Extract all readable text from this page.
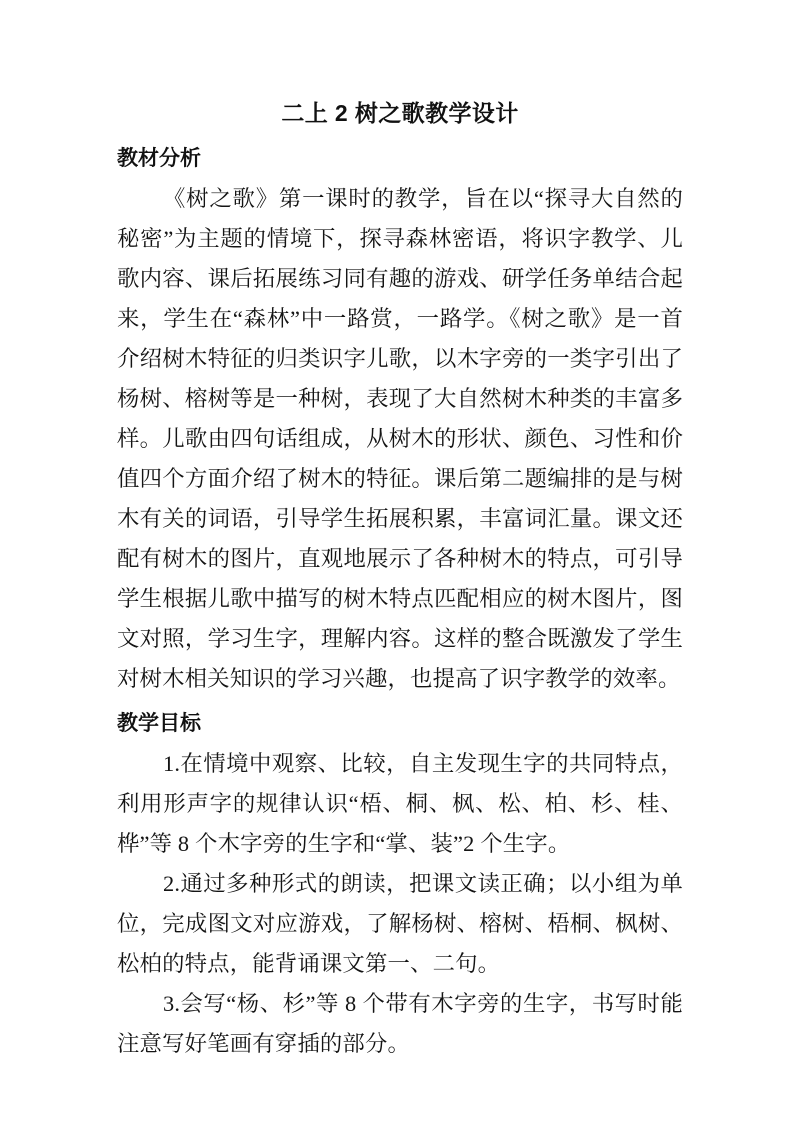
二上 2 树之歌教学设计
教材分析

《树之歌》第一课时的教学，旨在以“探寻大自然的秘密”为主题的情境下，探寻森林密语，将识字教学、儿歌内容、课后拓展练习同有趣的游戏、研学任务单结合起来，学生在“森林”中一路赏，一路学。《树之歌》是一首介绍树木特征的归类识字儿歌，以木字旁的一类字引出了杨树、榕树等是一种树，表现了大自然树木种类的丰富多样。儿歌由四句话组成，从树木的形状、颜色、习性和价值四个方面介绍了树木的特征。课后第二题编排的是与树木有关的词语，引导学生拓展积累，丰富词汇量。课文还配有树木的图片，直观地展示了各种树木的特点，可引导学生根据儿歌中描写的树木特点匹配相应的树木图片，图文对照，学习生字，理解内容。这样的整合既激发了学生对树木相关知识的学习兴趣，也提高了识字教学的效率。

教学目标

1.在情境中观察、比较，自主发现生字的共同特点，利用形声字的规律认识“梧、桐、枫、松、柏、杉、桂、桦”等 8 个木字旁的生字和“掌、装”2 个生字。

2.通过多种形式的朗读，把课文读正确；以小组为单位，完成图文对应游戏，了解杨树、榕树、梧桐、枫树、松柏的特点，能背诵课文第一、二句。

3.会写“杨、杉”等 8 个带有木字旁的生字，书写时能注意写好笔画有穿插的部分。
